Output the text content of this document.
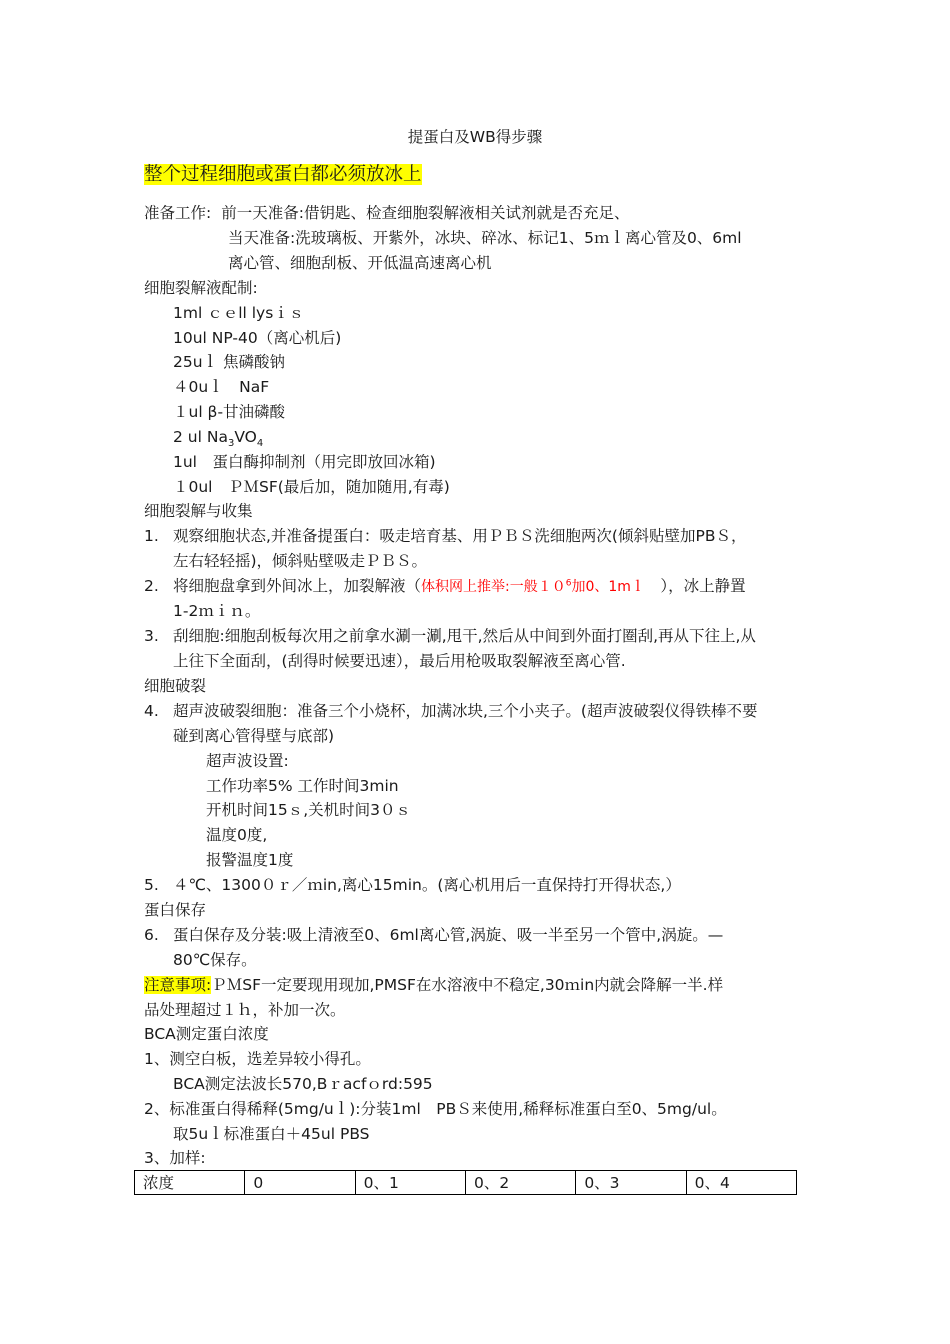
提蛋白及WB得步骤
整个过程细胞或蛋白都必须放冰上
准备工作: 前一天准备:借钥匙、检查细胞裂解液相关试剂就是否充足、
当天准备:洗玻璃板、开紫外，冰块、碎冰、标记1、5ｍｌ离心管及0、6ml
离心管、细胞刮板、开低温高速离心机
细胞裂解液配制:
1ml ｃｅll lysｉｓ
10ul NP-40（离心机后)
25uｌ 焦磷酸钠
４0uｌ　NaF
１ul β-甘油磷酸
2 ul $Na_3VO_4$
1ul　蛋白酶抑制剂（用完即放回冰箱)
１0ul　ＰＭSF(最后加，随加随用,有毒)
细胞裂解与收集
1. 观察细胞状态,并准备提蛋白：吸走培育基、用ＰＢＳ洗细胞两次(倾斜贴壁加PBＳ，
左右轻轻摇)，倾斜贴壁吸走ＰＢＳ。
2. 将细胞盘拿到外间冰上，加裂解液（体积网上推举:一般$10^6$加0、1mｌ　），冰上静置
1-2ｍｉｎ。
3. 刮细胞:细胞刮板每次用之前拿水涮一涮,甩干,然后从中间到外面打圈刮,再从下往上,从
上往下全面刮，(刮得时候要迅速），最后用枪吸取裂解液至离心管.
细胞破裂
4. 超声波破裂细胞：准备三个小烧杯，加满冰块,三个小夹子。(超声波破裂仪得铁棒不要
碰到离心管得壁与底部)
超声波设置:
工作功率5% 工作时间3min
开机时间15ｓ,关机时间3０ｓ
温度0度,
报警温度1度
5. ４℃、1300０ｒ／ｍin,离心15min。(离心机用后一直保持打开得状态,）
蛋白保存
6. 蛋白保存及分装:吸上清液至0、6ml离心管,涡旋、吸一半至另一个管中,涡旋。—
80℃保存。
注意事项:ＰＭSF一定要现用现加,PMSF在水溶液中不稳定,30ｍin内就会降解一半.样
品处理超过１ｈ，补加一次。
BCA测定蛋白浓度
1、测空白板，选差异较小得孔。
BCA测定法波长570,Bｒacfｏrd:595
2、标准蛋白得稀释(5mg/uｌ):分装1ml　PBＳ来使用,稀释标准蛋白至0、5mg/ul。
取5uｌ标准蛋白＋45ul PBS
3、加样:
浓度	0	0、1	0、2	0、3	0、4
